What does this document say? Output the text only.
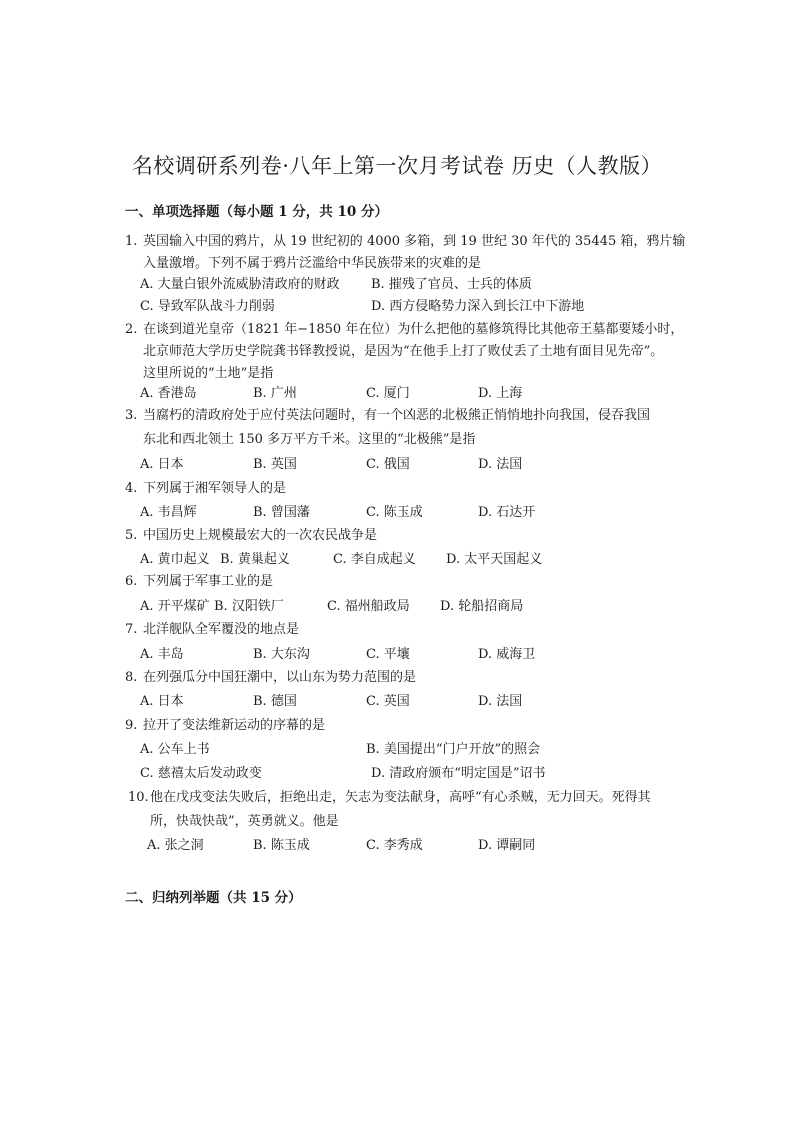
名校调研系列卷·八年上第一次月考试卷 历史（人教版）
一、单项选择题（每小题 1 分，共 10 分）
1. 英国输入中国的鸦片，从 19 世纪初的 4000 多箱，到 19 世纪 30 年代的 35445 箱，鸦片输
入量激增。下列不属于鸦片泛滥给中华民族带来的灾难的是
A. 大量白银外流威胁清政府的财政 B. 摧残了官员、士兵的体质
C. 导致军队战斗力削弱	D. 西方侵略势力深入到长江中下游地
2. 在谈到道光皇帝（1821 年−1850 年在位）为什么把他的墓修筑得比其他帝王墓都要矮小时，
北京师范大学历史学院龚书铎教授说，是因为“在他手上打了败仗丢了土地有面目见先帝”。
这里所说的“土地”是指
A. 香港岛	B. 广州	C. 厦门	D. 上海
3. 当腐朽的清政府处于应付英法问题时，有一个凶恶的北极熊正悄悄地扑向我国，侵吞我国
东北和西北领土 150 多万平方千米。这里的“北极熊”是指
A. 日本	B. 英国	C. 俄国	D. 法国
4. 下列属于湘军领导人的是
A. 韦昌辉	B. 曾国藩	C. 陈玉成	D. 石达开
5. 中国历史上规模最宏大的一次农民战争是
A. 黄巾起义 B. 黄巢起义	C. 李自成起义 D. 太平天国起义
6. 下列属于军事工业的是
A. 开平煤矿 B. 汉阳铁厂	C. 福州船政局 D. 轮船招商局
7. 北洋舰队全军覆没的地点是
A. 丰岛	B. 大东沟	C. 平壤	D. 威海卫
8. 在列强瓜分中国狂潮中，以山东为势力范围的是
A. 日本	B. 德国	C. 英国	D. 法国
9. 拉开了变法维新运动的序幕的是
A. 公车上书	B. 美国提出“门户开放”的照会
C. 慈禧太后发动政变	D. 清政府颁布“明定国是”诏书
10.他在戊戌变法失败后，拒绝出走，矢志为变法献身，高呼“有心杀贼，无力回天。死得其
所，快哉快哉”，英勇就义。他是
A. 张之洞	B. 陈玉成	C. 李秀成	D. 谭嗣同
二、归纳列举题（共 15 分）
